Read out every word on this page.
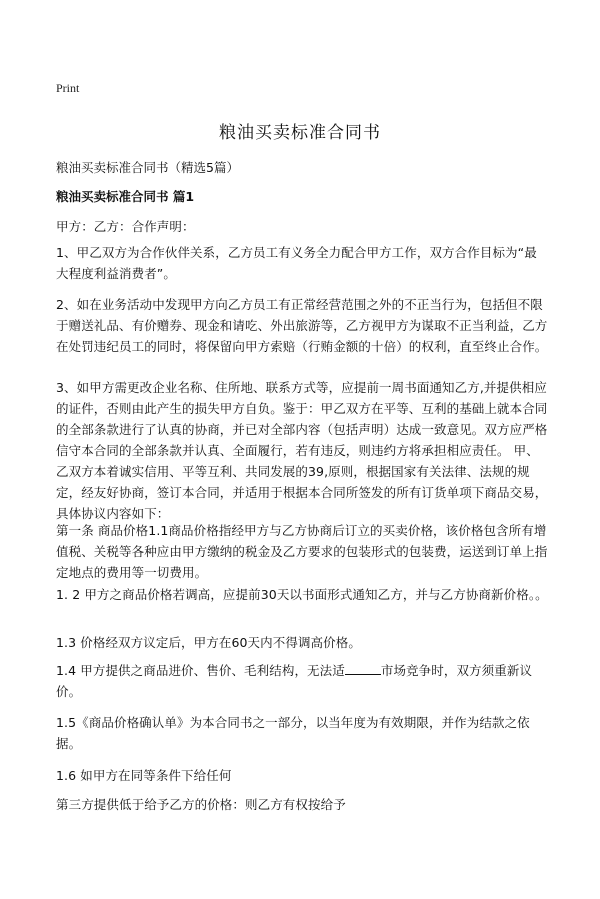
Print
粮油买卖标准合同书
粮油买卖标准合同书（精选5篇）
粮油买卖标准合同书 篇1

甲方：乙方：合作声明：

1、甲乙双方为合作伙伴关系，乙方员工有义务全力配合甲方工作，双方合作目标为“最大程度利益消费者”。

2、如在业务活动中发现甲方向乙方员工有正常经营范围之外的不正当行为，包括但不限于赠送礼品、有价赠券、现金和请吃、外出旅游等，乙方视甲方为谋取不正当利益，乙方在处罚违纪员工的同时，将保留向甲方索赔（行贿金额的十倍）的权利，直至终止合作。

3、如甲方需更改企业名称、住所地、联系方式等，应提前一周书面通知乙方,并提供相应的证件，否则由此产生的损失甲方自负。鉴于：甲乙双方在平等、互利的基础上就本合同的全部条款进行了认真的协商，并已对全部内容（包括声明）达成一致意见。双方应严格信守本合同的全部条款并认真、全面履行，若有违反，则违约方将承担相应责任。 甲、乙双方本着诚实信用、平等互利、共同发展的39,原则，根据国家有关法律、法规的规定，经友好协商，签订本合同，并适用于根据本合同所签发的所有订货单项下商品交易，具体协议内容如下：

第一条 商品价格1.1商品价格指经甲方与乙方协商后订立的买卖价格，该价格包含所有增值税、关税等各种应由甲方缴纳的税金及乙方要求的包装形式的包装费，运送到订单上指定地点的费用等一切费用。

1. 2 甲方之商品价格若调高，应提前30天以书面形式通知乙方，并与乙方协商新价格。。

1.3 价格经双方议定后，甲方在60天内不得调高价格。

1.4 甲方提供之商品进价、售价、毛利结构，无法适	市场竞争时，双方须重新议价。

1.5《商品价格确认单》为本合同书之一部分，以当年度为有效期限，并作为结款之依据。

1.6 如甲方在同等条件下给任何

第三方提供低于给予乙方的价格：则乙方有权按给予
